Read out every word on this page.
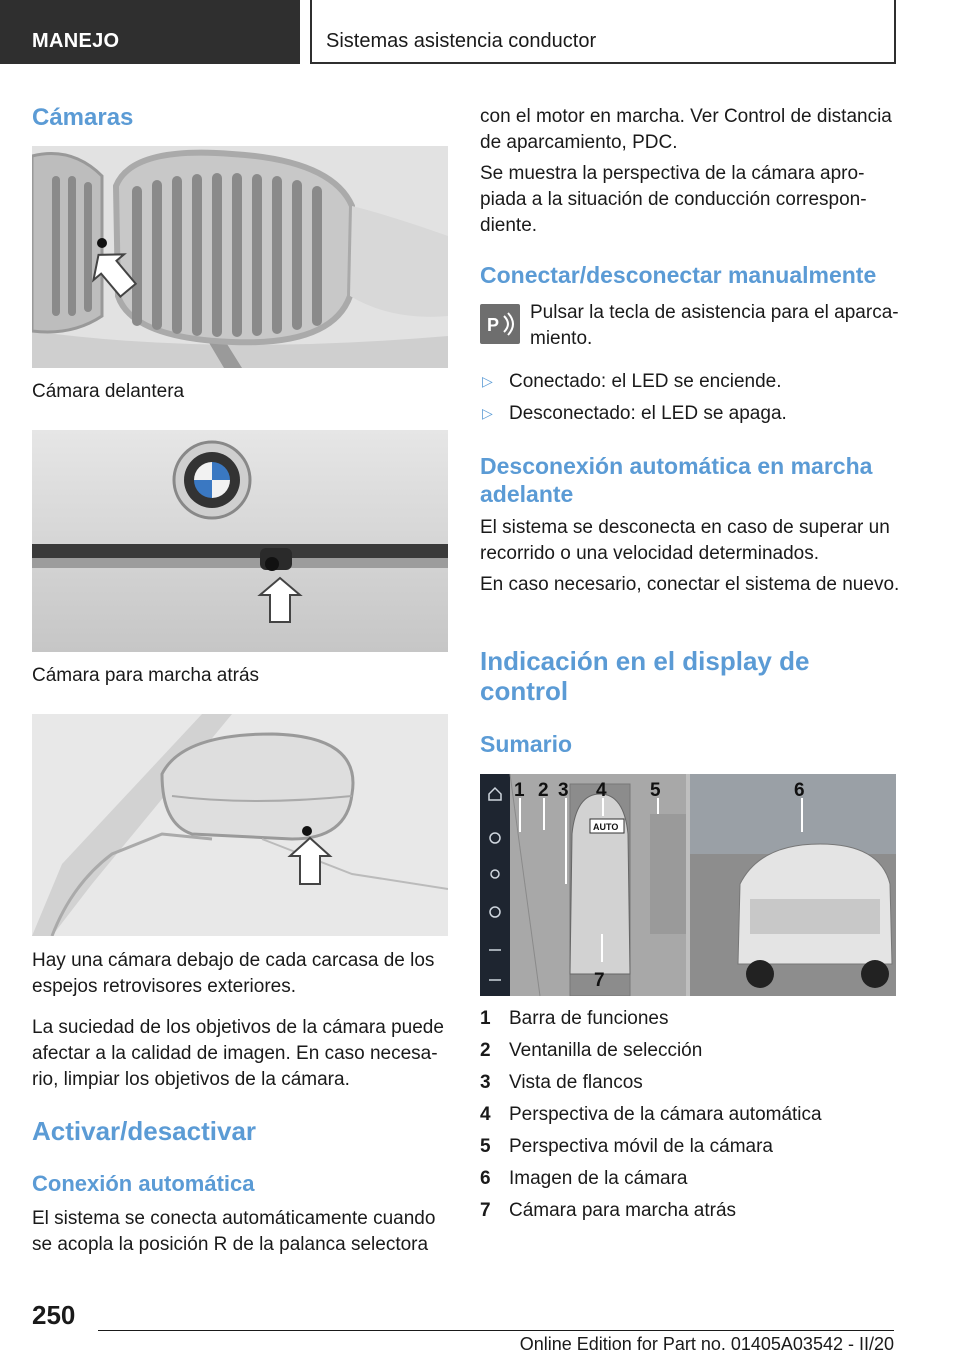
MANEJO	Sistemas asistencia conductor
Cámaras
Cámara delantera
Cámara para marcha atrás
Hay una cámara debajo de cada carcasa de los espejos retrovisores exteriores.
La suciedad de los objetivos de la cámara puede afectar a la calidad de imagen. En caso necesa-rio, limpiar los objetivos de la cámara.
Activar/desactivar
Conexión automática
El sistema se conecta automáticamente cuando se acopla la posición R de la palanca selectora
con el motor en marcha. Ver Control de distancia de aparcamiento, PDC.
Se muestra la perspectiva de la cámara apro-piada a la situación de conducción correspon-diente.
Conectar/desconectar manualmente
P
Pulsar la tecla de asistencia para el aparca-miento.
▷ Conectado: el LED se enciende.
▷ Desconectado: el LED se apaga.
Desconexión automática en marcha adelante
El sistema se desconecta en caso de superar un recorrido o una velocidad determinados.
En caso necesario, conectar el sistema de nuevo.
Indicación en el display de control
Sumario
1 2 3 4 5	6
7
AUTO
1 Barra de funciones
2 Ventanilla de selección
3 Vista de flancos
4 Perspectiva de la cámara automática
5 Perspectiva móvil de la cámara
6 Imagen de la cámara
7 Cámara para marcha atrás
250
Online Edition for Part no. 01405A03542 - II/20
